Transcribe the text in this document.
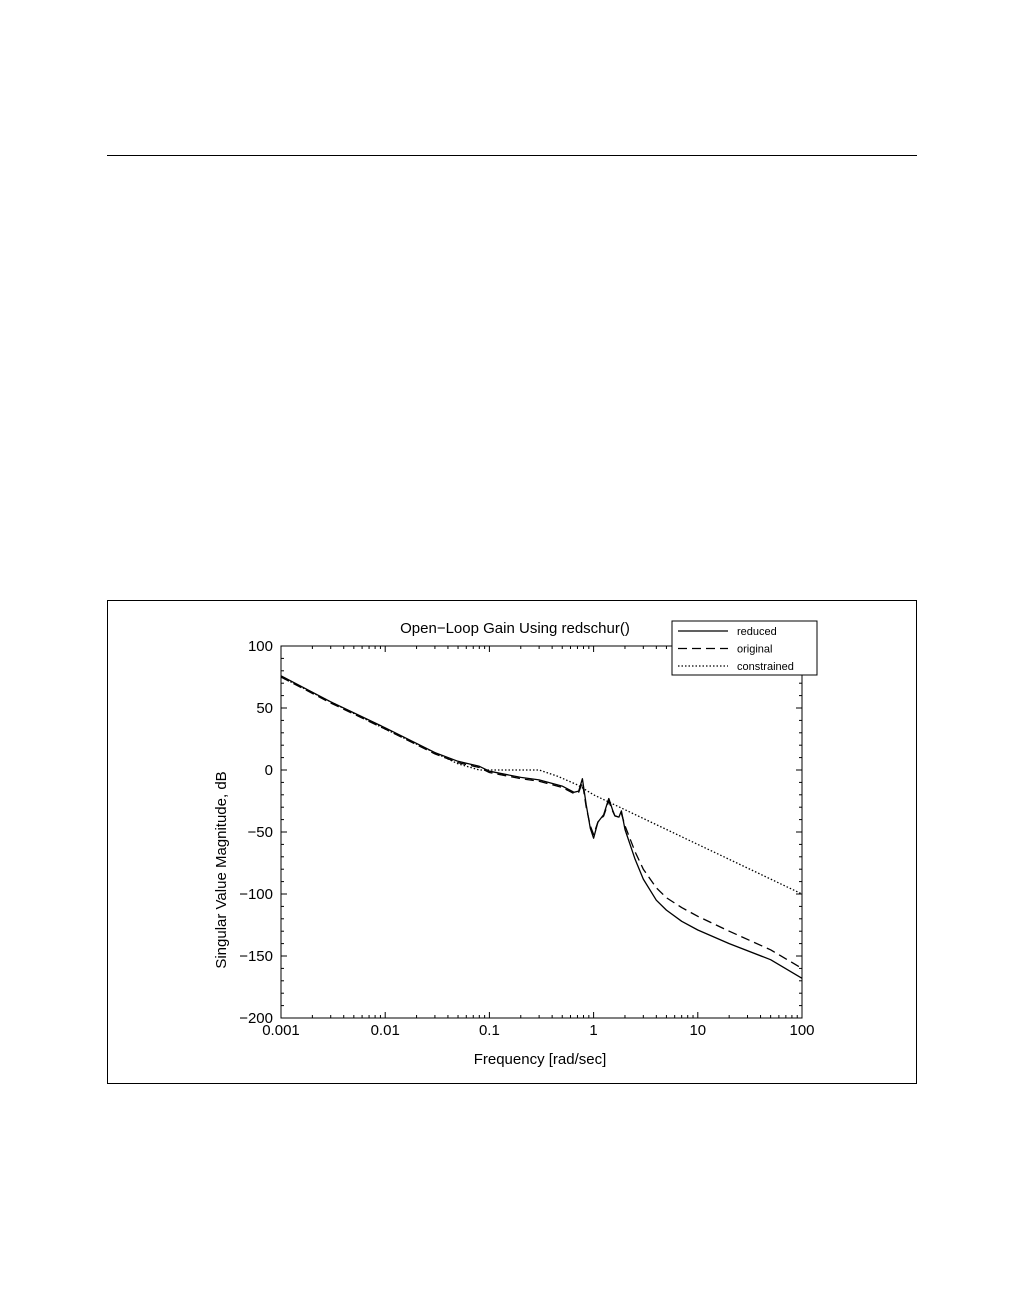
Open−Loop Gain Using redschur()
Frequency [rad/sec]
Singular Value Magnitude, dB
0.001	0.01	0.1	1	10	100
100
50
0
−50
−100
−150
−200
reduced
original
constrained
